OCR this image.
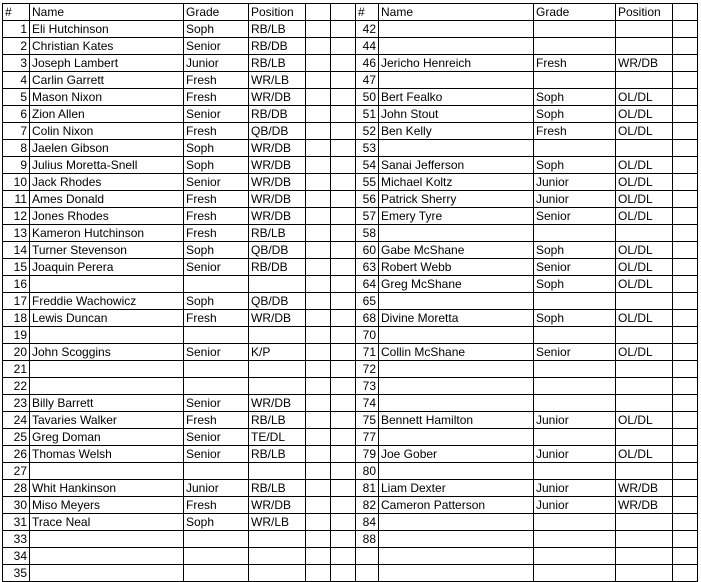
#	Name	Grade	Position			#	Name	Grade	Position	
1	Eli Hutchinson	Soph	RB/LB			42				
2	Christian Kates	Senior	RB/DB			44				
3	Joseph Lambert	Junior	RB/LB			46	Jericho Henreich	Fresh	WR/DB	
4	Carlin Garrett	Fresh	WR/LB			47				
5	Mason Nixon	Fresh	WR/DB			50	Bert Fealko	Soph	OL/DL	
6	Zion Allen	Senior	RB/DB			51	John Stout	Soph	OL/DL	
7	Colin Nixon	Fresh	QB/DB			52	Ben Kelly	Fresh	OL/DL	
8	Jaelen Gibson	Soph	WR/DB			53				
9	Julius Moretta-Snell	Soph	WR/DB			54	Sanai Jefferson	Soph	OL/DL	
10	Jack Rhodes	Senior	WR/DB			55	Michael Koltz	Junior	OL/DL	
11	Ames Donald	Fresh	WR/DB			56	Patrick Sherry	Junior	OL/DL	
12	Jones Rhodes	Fresh	WR/DB			57	Emery Tyre	Senior	OL/DL	
13	Kameron Hutchinson	Fresh	RB/LB			58				
14	Turner Stevenson	Soph	QB/DB			60	Gabe McShane	Soph	OL/DL	
15	Joaquin Perera	Senior	RB/DB			63	Robert Webb	Senior	OL/DL	
16						64	Greg McShane	Soph	OL/DL	
17	Freddie Wachowicz	Soph	QB/DB			65				
18	Lewis Duncan	Fresh	WR/DB			68	Divine Moretta	Soph	OL/DL	
19						70				
20	John Scoggins	Senior	K/P			71	Collin McShane	Senior	OL/DL	
21						72				
22						73				
23	Billy Barrett	Senior	WR/DB			74				
24	Tavaries Walker	Fresh	RB/LB			75	Bennett Hamilton	Junior	OL/DL	
25	Greg Doman	Senior	TE/DL			77				
26	Thomas Welsh	Senior	RB/LB			79	Joe Gober	Junior	OL/DL	
27						80				
28	Whit Hankinson	Junior	RB/LB			81	Liam Dexter	Junior	WR/DB	
30	Miso Meyers	Fresh	WR/DB			82	Cameron Patterson	Junior	WR/DB	
31	Trace Neal	Soph	WR/LB			84				
33						88				
34										
35										
